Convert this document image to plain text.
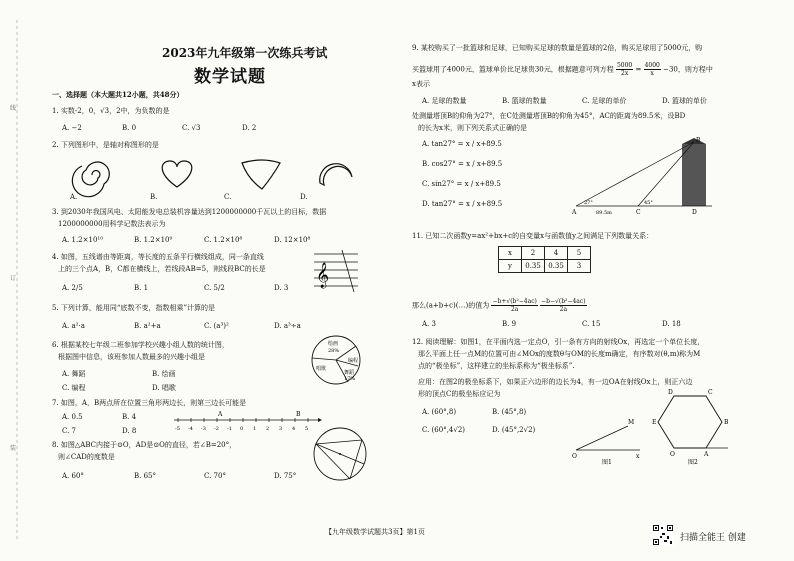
线
订
装
2023年九年级第一次练兵考试
数学试题
一、选择题（本大题共12小题，共48分）
1. 实数-2，0，√3，2中，为负数的是
A. −2	B. 0	C. √3	D. 2
2. 下列图形中，是轴对称图形的是
A.	B.	C.	D.
3. 到2030年我国风电、太阳能发电总装机容量达到1200000000千瓦以上的目标，数据
1200000000用科学记数法表示为
A. 1.2×10¹⁰	B. 1.2×10⁹	C. 1.2×10⁸	D. 12×10⁸
4. 如图，五线谱由等距离，等长度的五条平行横线组成，同一条直线
上的三个点A，B，C都在横线上，若线段AB=5，则线段BC的长是 𝄞
A. 2/5	B. 1	C. 5/2	D. 3
5. 下列计算，能用同“底数不变，指数相乘”计算的是
A. a²·a	B. a²+a	C. (a³)²	D. a³÷a
6. 根据某校七年级二班参加学校兴趣小组人数的统计图，
根据图中信息，该班参加人数最多的兴趣小组是
绘画
28%
唱歌
编程
舞蹈
17%
A. 舞蹈	B. 绘画
C. 编程	D. 唱歌
7. 如图，A，B两点所在位置三角形两边长，则第三边长可能是
A. 0.5	B. 4
C. 7	D. 8	-5 -4 -3 -2 -1 0 1 2 3 4 5
A	B
8. 如图△ABC内接于⊙O，AD是⊙O的直径，若∠B=20°，
则∠CAD的度数是
A. 60°	B. 65°	C. 70°	D. 75°
9. 某校购买了一批篮球和足球，已知购买足球的数量是篮球的2倍，购买足球用了5000元，购
买篮球用了4000元，篮球单价比足球贵30元，根据题意可列方程 $\frac{5000}{2x} = \frac{4000}{x} -30$，则方程中
x表示
A. 足球的数量	B. 篮球的数量	C. 足球的单价	D. 篮球的单价
处测量塔顶B的仰角为27°，在C处测量塔顶B的仰角为45°，AC的距离为89.5米，设BD
的长为x米，则下列关系式正确的是
A. tan27° = x / x+89.5
B. cos27° = x / x+89.5
C. sin27° = x / x+89.5
D. tan27° = x / x+89.5
B
A	C	D
27°	45°
89.5m
11. 已知二次函数y=ax²+bx+c的自变量x与函数值y之间满足下列数量关系：
x	2	4	5
y	0.35	0.35	3
那么(a+b+c)(…)的值为 $\frac{\text{−b+√(b²−4ac)}}{2a} \frac{\text{−b−√(b²−4ac)}}{2a}$
A. 3	B. 9	C. 15	D. 18
12. 阅读理解：如图1，在平面内选一定点O，引一条有方向的射线Ox，再选定一个单位长度，
那么平面上任一点M的位置可由∠MOx的度数θ与OM的长度m确定，有序数对(θ,m)称为M
点的“极坐标”，这样建立的坐标系称为“极坐标系”.
应用：在图2的极坐标系下，如果正六边形的边长为4，有一边OA在射线Ox上，则正六边
形的顶点C的极坐标应记为
A. (60°,8)	B. (45°,8)
C. (60°,4√2)	D. (45°,2√2)
M
O	x
图1
O	A
B
C
D
E
图2
【九年级数学试题共3页】第1页
扫描全能王 创建
